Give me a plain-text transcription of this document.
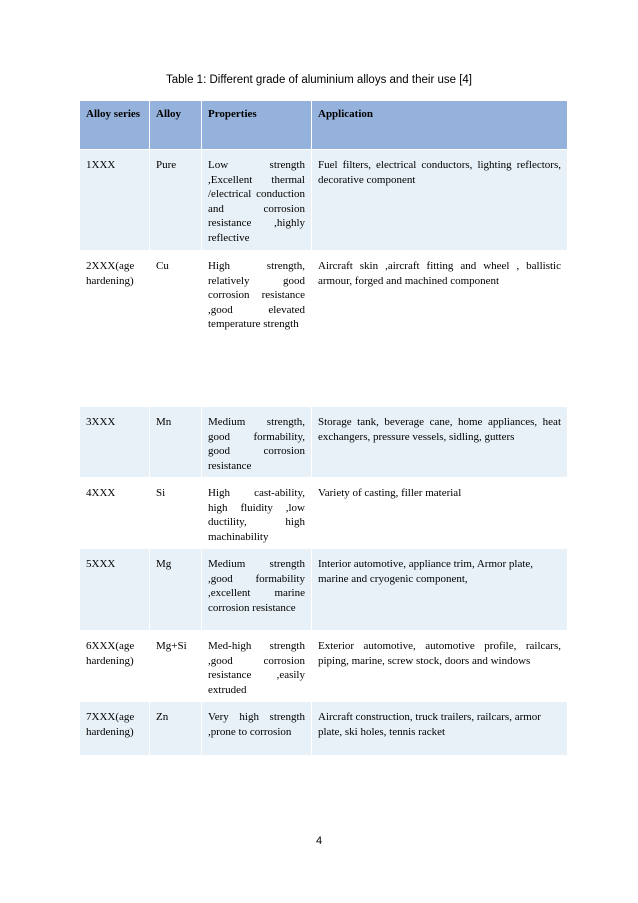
Table 1: Different grade of aluminium alloys and their use [4]
Alloy series	Alloy	Properties	Application
1XXX	Pure	Low strength ,Excellent thermal /electrical conduction and corrosion resistance ,highly reflective	Fuel filters, electrical conductors, lighting reflectors, decorative component
2XXX(age hardening)	Cu	High strength, relatively good corrosion resistance ,good elevated temperature strength	Aircraft skin ,aircraft fitting and wheel , ballistic armour, forged and machined component
3XXX	Mn	Medium strength, good formability, good corrosion resistance	Storage tank, beverage cane, home appliances, heat exchangers, pressure vessels, sidling, gutters
4XXX	Si	High cast-ability, high fluidity ,low ductility, high machinability	Variety of casting, filler material
5XXX	Mg	Medium strength ,good formability ,excellent marine corrosion resistance	Interior automotive, appliance trim, Armor plate, marine and cryogenic component,
6XXX(age hardening)	Mg+Si	Med-high strength ,good corrosion resistance ,easily extruded	Exterior automotive, automotive profile, railcars, piping, marine, screw stock, doors and windows
7XXX(age hardening)	Zn	Very high strength ,prone to corrosion	Aircraft construction, truck trailers, railcars, armor plate, ski holes, tennis racket
4
